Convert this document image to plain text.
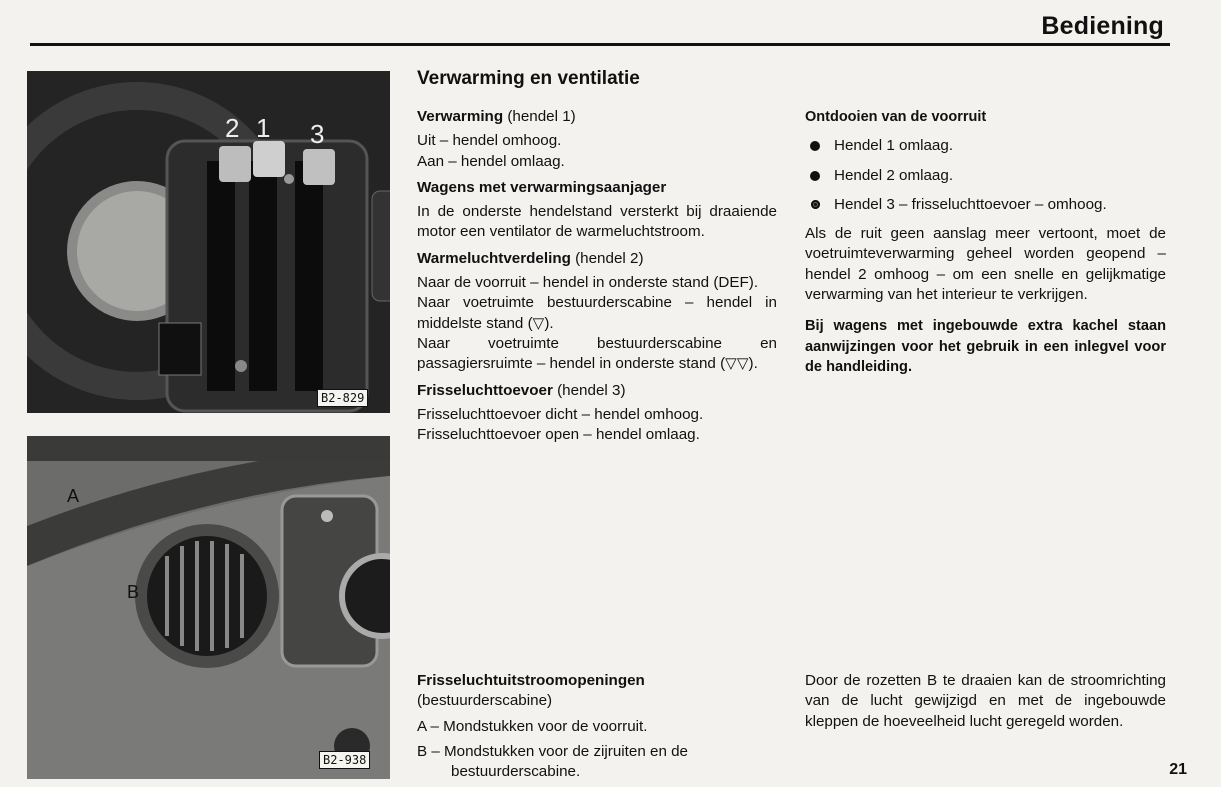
Bediening
2 1 3
B2-829
A
B
B2-938
Verwarming en ventilatie

Verwarming (hendel 1)

Uit – hendel omhoog.

Aan – hendel omlaag.

Wagens met verwarmingsaanjager

In de onderste hendelstand versterkt bij draaiende motor een ventilator de warmeluchtstroom.

Warmeluchtverdeling (hendel 2)

Naar de voorruit – hendel in onderste stand (DEF).

Naar voetruimte bestuurderscabine – hendel in middelste stand (▽).

Naar voetruimte bestuurderscabine en passagiersruimte – hendel in onderste stand (▽▽).

Frisseluchttoevoer (hendel 3)

Frisseluchttoevoer dicht – hendel omhoog.

Frisseluchttoevoer open – hendel omlaag.

Ontdooien van de voorruit

Hendel 1 omlaag.
Hendel 2 omlaag.
Hendel 3 – frisseluchttoevoer – omhoog.

Als de ruit geen aanslag meer vertoont, moet de voetruimteverwarming geheel worden geopend – hendel 2 omhoog – om een snelle en gelijkmatige verwarming van het interieur te verkrijgen.

Bij wagens met ingebouwde extra kachel staan aanwijzingen voor het gebruik in een inlegvel voor de handleiding.

Frisseluchtuitstroomopeningen (bestuurderscabine)

A – Mondstukken voor de voorruit.

B – Mondstukken voor de zijruiten en de bestuurderscabine.

Door de rozetten B te draaien kan de stroomrichting van de lucht gewijzigd en met de ingebouwde kleppen de hoeveelheid lucht geregeld worden.

21
